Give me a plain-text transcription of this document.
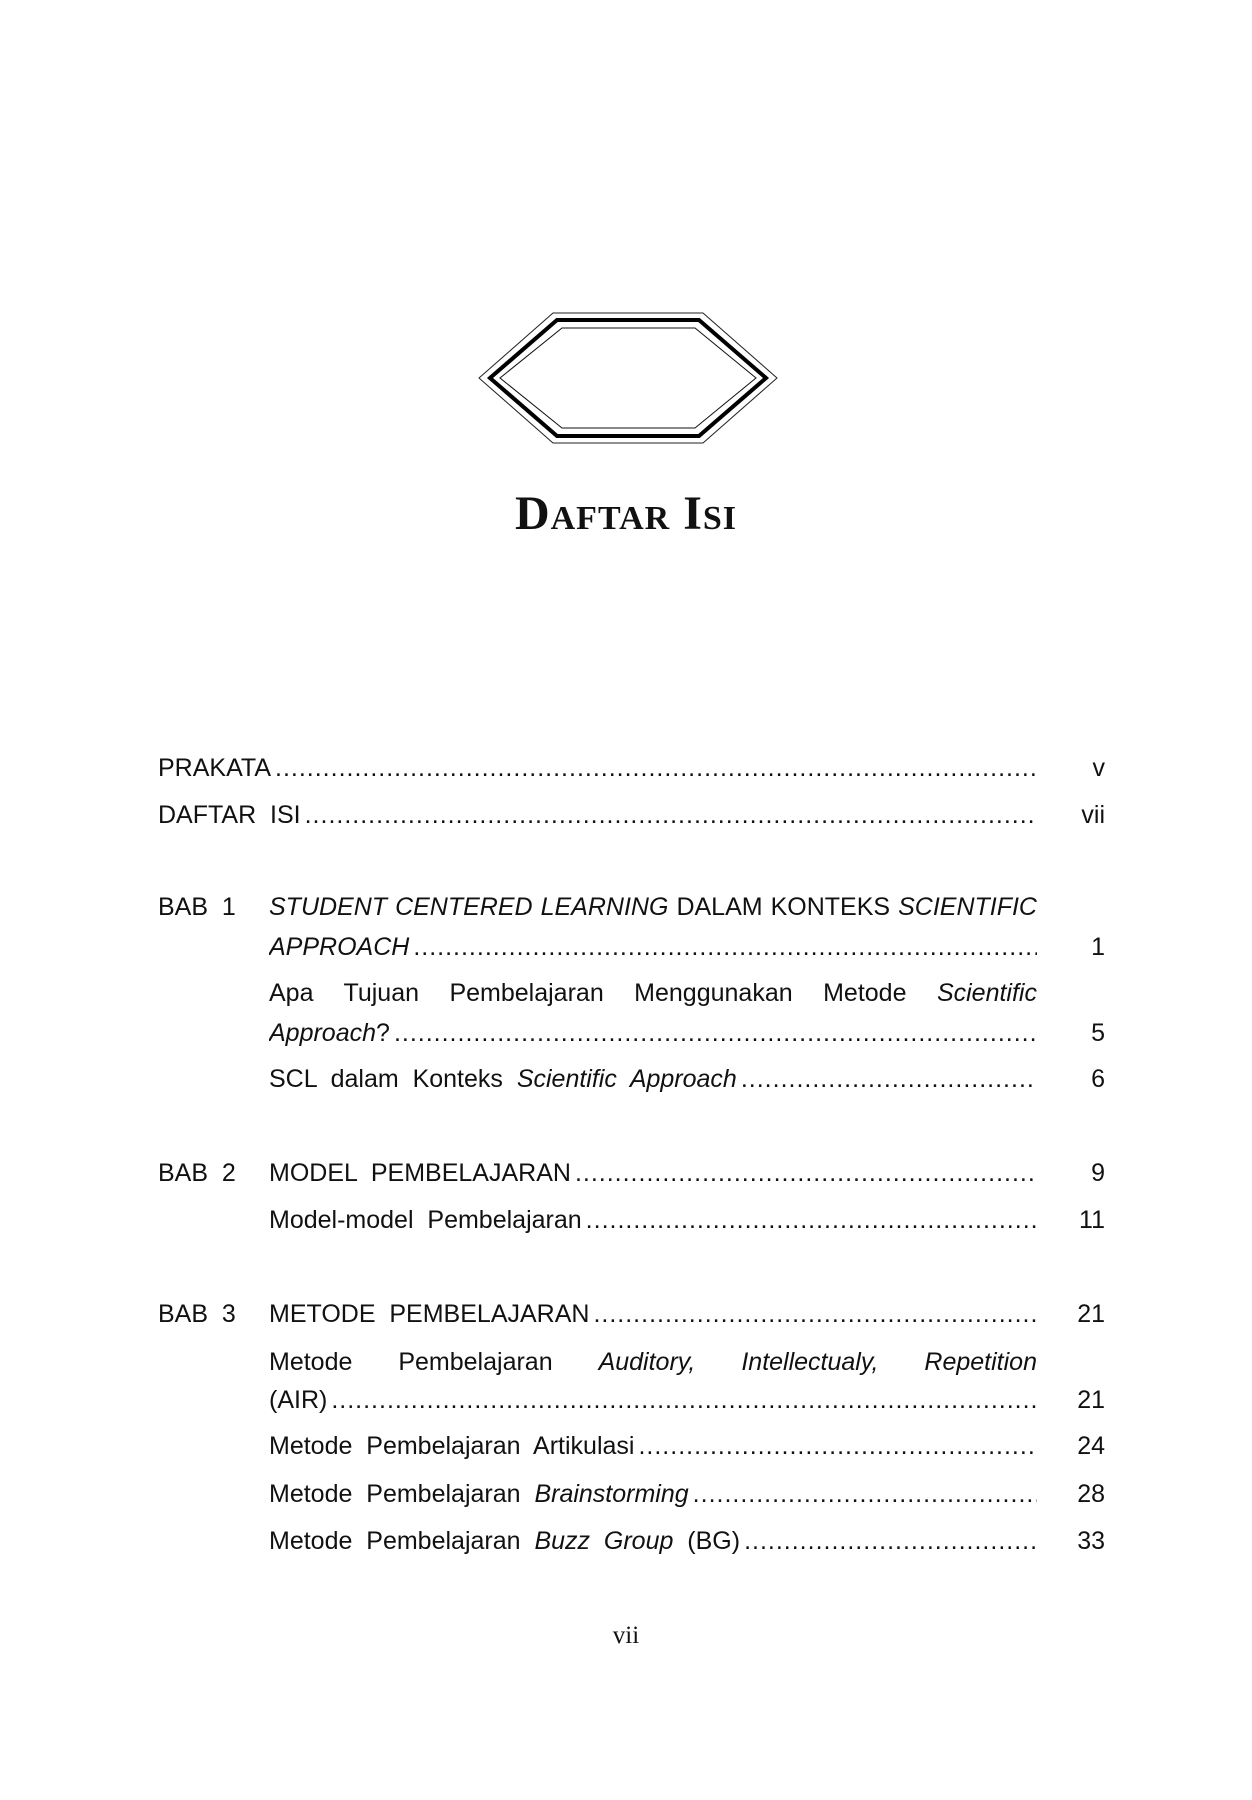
Daftar Isi
v
PRAKATA
.....
vii
DAFTAR  ISI
.....
BAB  1 STUDENT CENTERED LEARNING DALAM KONTEKS SCIENTIFIC
1
APPROACH
.....
Apa Tujuan Pembelajaran Menggunakan Metode Scientific
5
Approach ?
.....
6
SCL  dalam  Konteks Scientific  Approach
.....
BAB  2	9
MODEL  PEMBELAJARAN
.....
11
Model-model  Pembelajaran
.....
BAB  3	21
METODE  PEMBELAJARAN
.....
Metode Pembelajaran Auditory, Intellectualy, Repetition
21
(AIR)
.....
24
Metode  Pembelajaran  Artikulasi
.....
28
Metode  Pembelajaran Brainstorming
.....
33
Metode  Pembelajaran Buzz  Group (BG)
.....
vii
